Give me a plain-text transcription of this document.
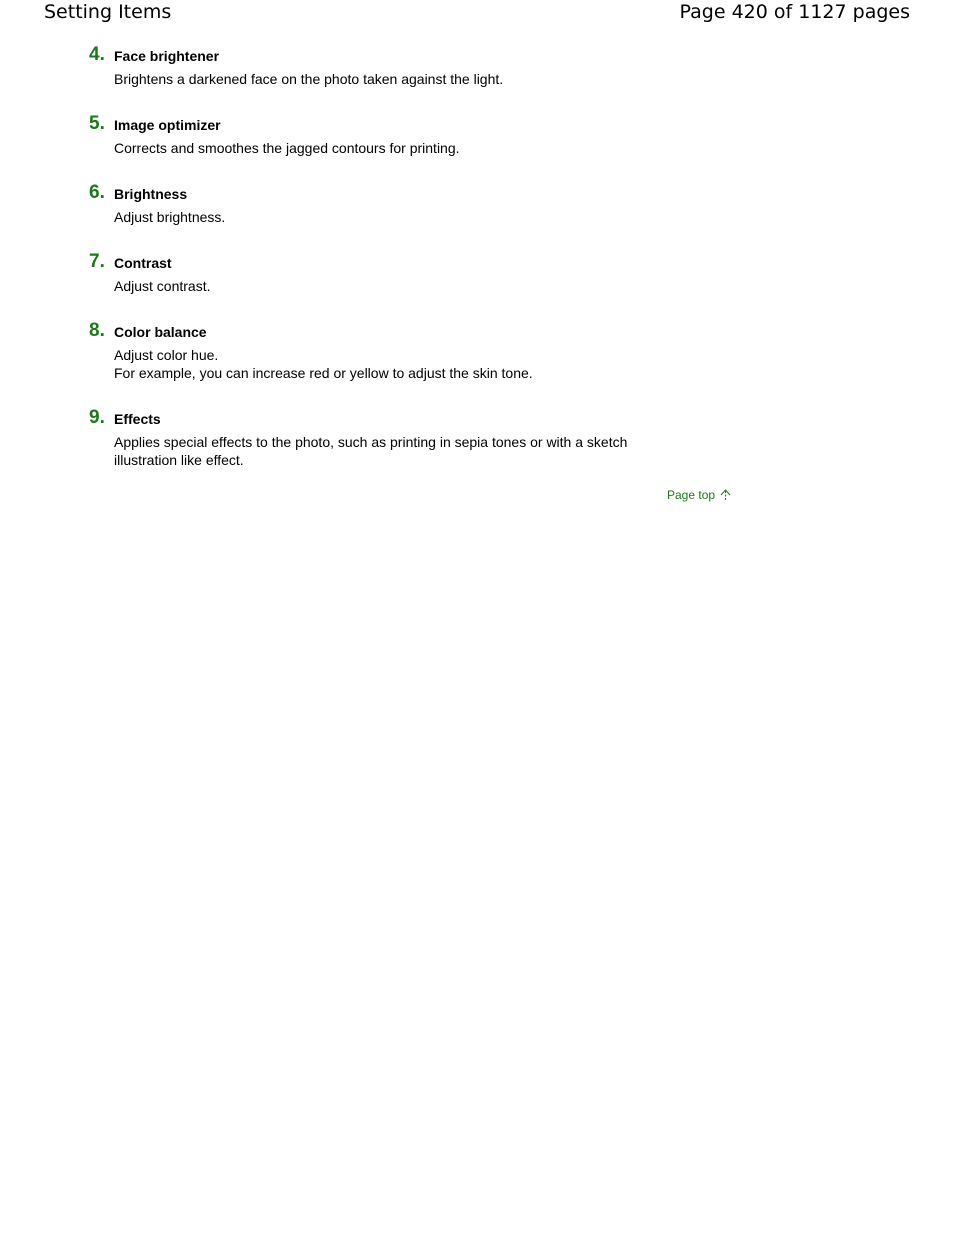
Setting Items	Page 420 of 1127 pages
4. Face brightener

Brightens a darkened face on the photo taken against the light.

5. Image optimizer

Corrects and smoothes the jagged contours for printing.

6. Brightness

Adjust brightness.

7. Contrast

Adjust contrast.

8. Color balance

Adjust color hue.

For example, you can increase red or yellow to adjust the skin tone.

9. Effects

Applies special effects to the photo, such as printing in sepia tones or with a sketch illustration like effect.

Page top
